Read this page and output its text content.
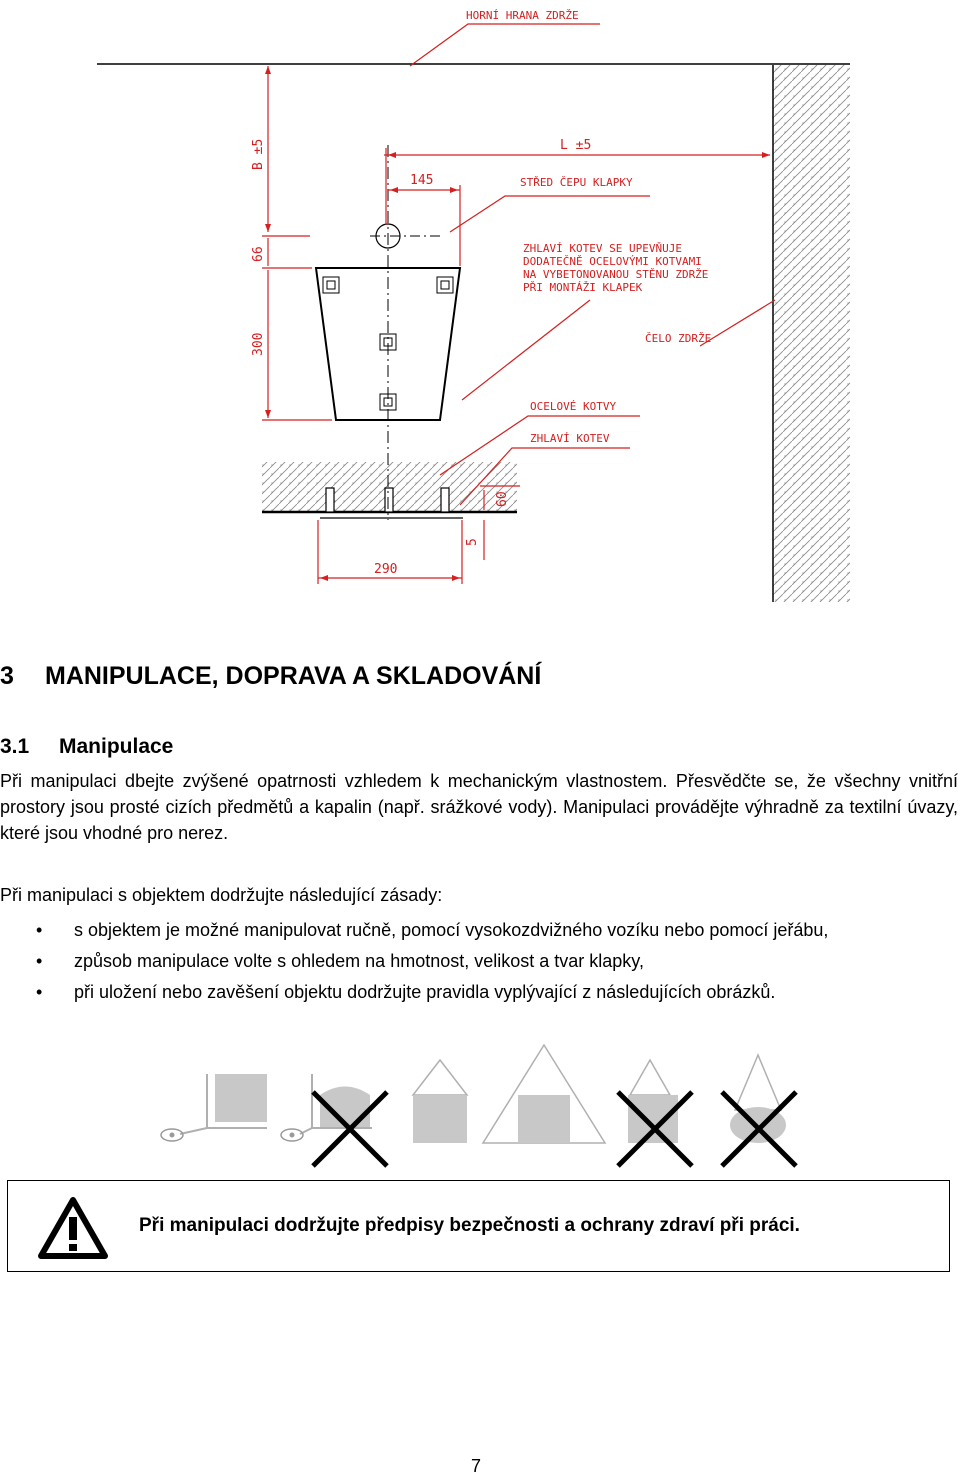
HORNÍ HRANA ZDRŽE
B ±5	L ±5
145	STŘED ČEPU KLAPKY
ZHLAVÍ KOTEV SE UPEVŇUJE
DODATEČNĚ OCELOVÝMI KOTVAMI
NA VYBETONOVANOU STĚNU ZDRŽE
PŘI MONTÁŽI KLAPEK
66
300	ČELO ZDRŽE
OCELOVÉ KOTVY
ZHLAVÍ KOTEV
60
5
290
3 MANIPULACE, DOPRAVA A SKLADOVÁNÍ
3.1 Manipulace
Při manipulaci dbejte zvýšené opatrnosti vzhledem k mechanickým vlastnostem. Přesvědčte se, že všechny vnitřní prostory jsou prosté cizích předmětů a kapalin (např. srážkové vody). Manipulaci provádějte výhradně za textilní úvazy, které jsou vhodné pro nerez.
Při manipulaci s objektem dodržujte následující zásady:
• s objektem je možné manipulovat ručně, pomocí vysokozdvižného vozíku nebo pomocí jeřábu,
• způsob manipulace volte s ohledem na hmotnost, velikost a tvar klapky,
• při uložení nebo zavěšení objektu dodržujte pravidla vyplývající z následujících obrázků.
Při manipulaci dodržujte předpisy bezpečnosti a ochrany zdraví při práci.
7
